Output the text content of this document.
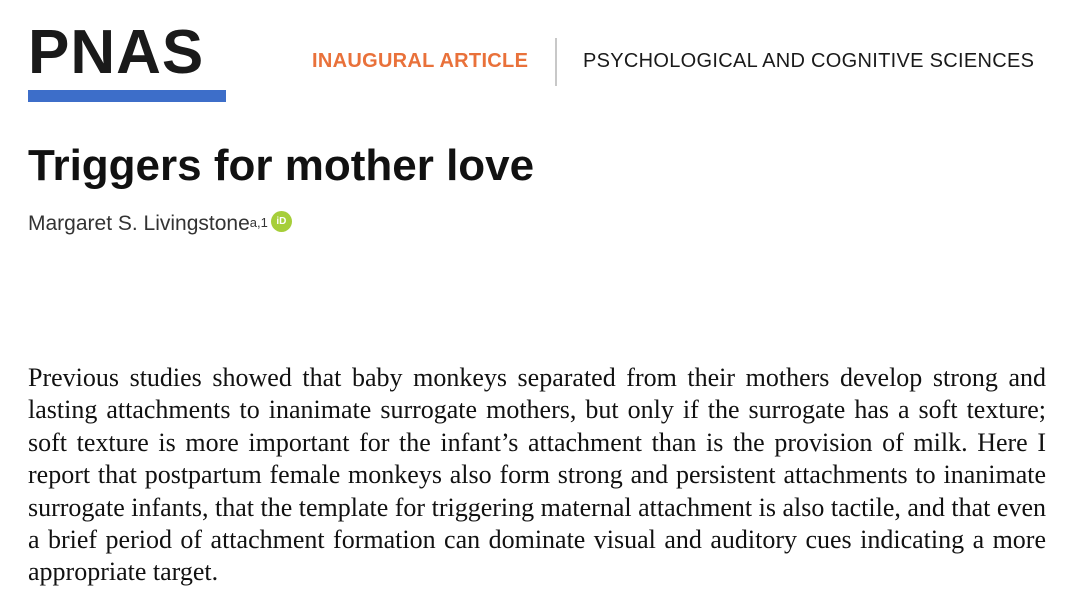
PNAS	INAUGURAL ARTICLE	PSYCHOLOGICAL AND COGNITIVE SCIENCES
Triggers for mother love
Margaret S. Livingstone$^{a,1}$ iD

Previous studies showed that baby monkeys separated from their mothers develop strong and lasting attachments to inanimate surrogate mothers, but only if the surrogate has a soft texture; soft texture is more important for the infant’s attachment than is the provision of milk. Here I report that postpartum female monkeys also form strong and persistent attachments to inanimate surrogate infants, that the template for triggering maternal attachment is also tactile, and that even a brief period of attachment formation can dominate visual and auditory cues indicating a more appropriate target.
